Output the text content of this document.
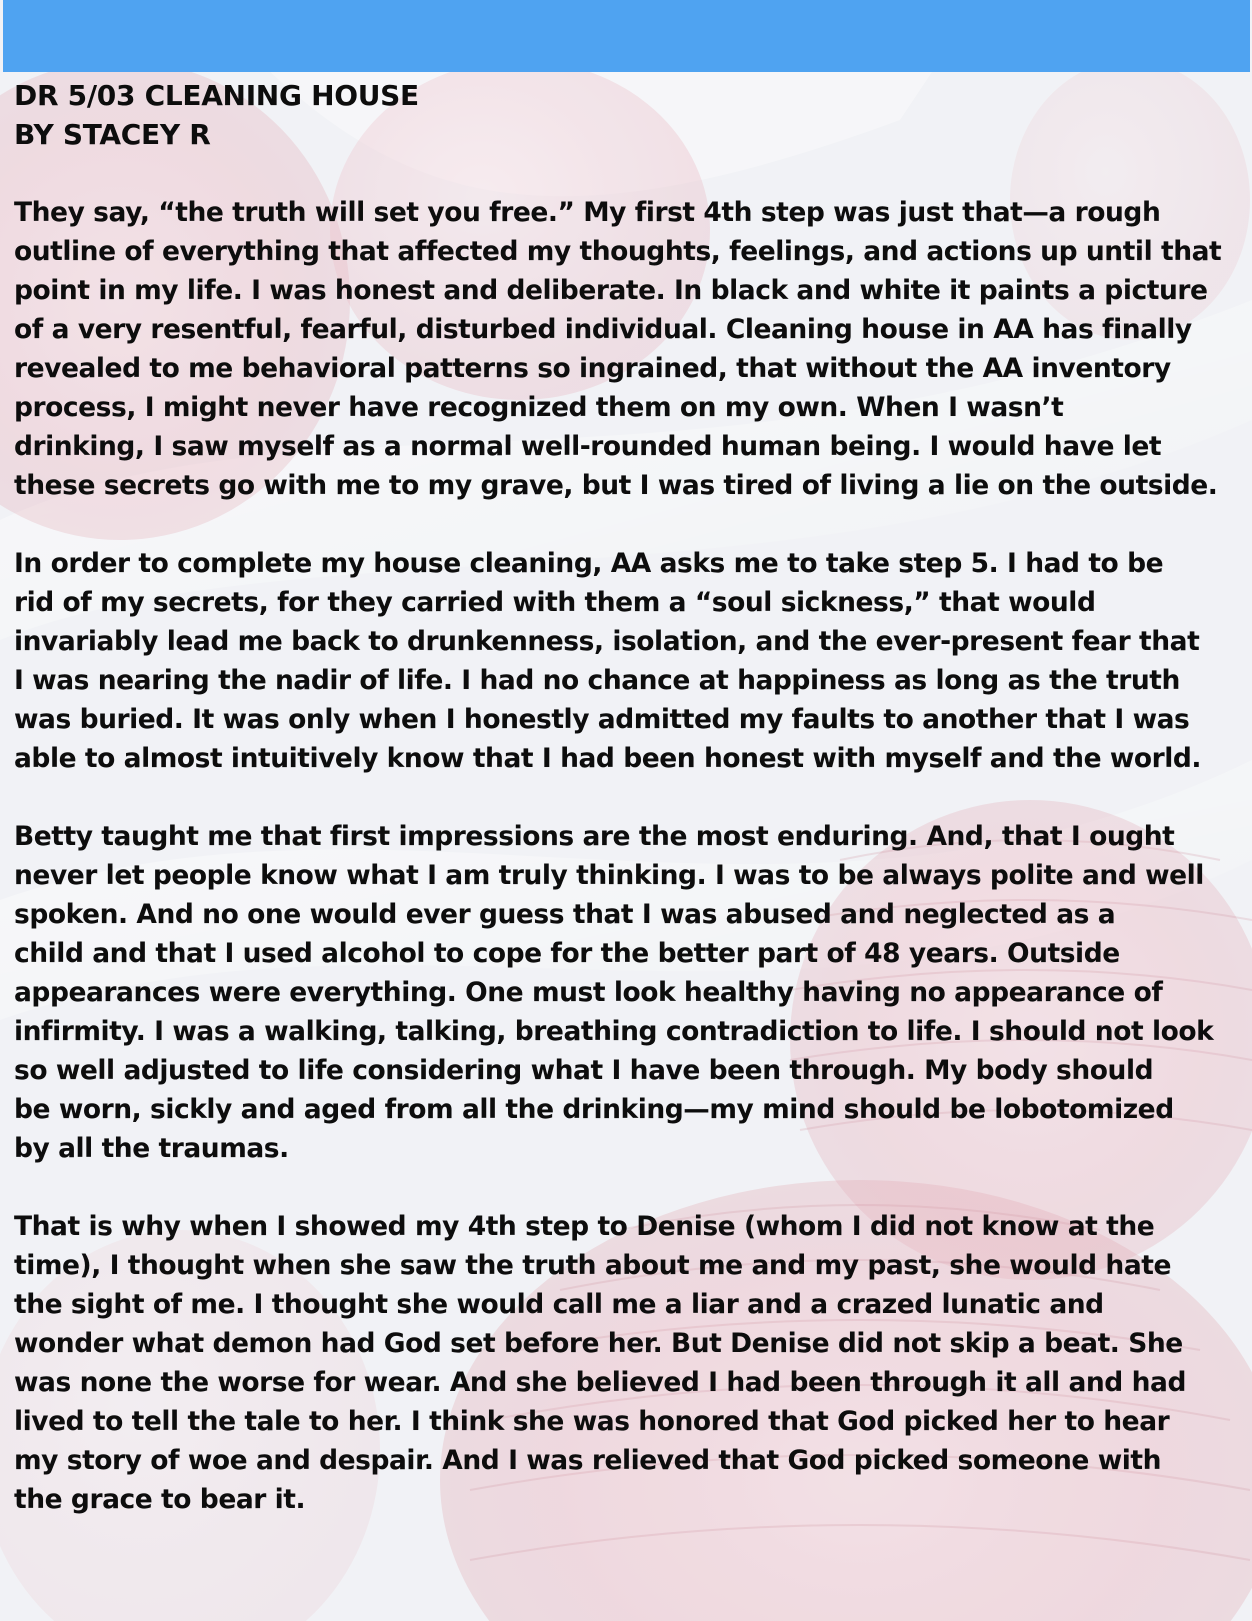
DR 5/03 CLEANING HOUSE
BY STACEY R

They say, “the truth will set you free.” My first 4th step was just that—a rough
outline of everything that affected my thoughts, feelings, and actions up until that
point in my life. I was honest and deliberate. In black and white it paints a picture
of a very resentful, fearful, disturbed individual. Cleaning house in AA has finally
revealed to me behavioral patterns so ingrained, that without the AA inventory
process, I might never have recognized them on my own. When I wasn’t
drinking, I saw myself as a normal well-rounded human being. I would have let
these secrets go with me to my grave, but I was tired of living a lie on the outside.

In order to complete my house cleaning, AA asks me to take step 5. I had to be
rid of my secrets, for they carried with them a “soul sickness,” that would
invariably lead me back to drunkenness, isolation, and the ever-present fear that
I was nearing the nadir of life. I had no chance at happiness as long as the truth
was buried. It was only when I honestly admitted my faults to another that I was
able to almost intuitively know that I had been honest with myself and the world.

Betty taught me that first impressions are the most enduring. And, that I ought
never let people know what I am truly thinking. I was to be always polite and well
spoken. And no one would ever guess that I was abused and neglected as a
child and that I used alcohol to cope for the better part of 48 years. Outside
appearances were everything. One must look healthy having no appearance of
infirmity. I was a walking, talking, breathing contradiction to life. I should not look
so well adjusted to life considering what I have been through. My body should
be worn, sickly and aged from all the drinking—my mind should be lobotomized
by all the traumas.

That is why when I showed my 4th step to Denise (whom I did not know at the
time), I thought when she saw the truth about me and my past, she would hate
the sight of me. I thought she would call me a liar and a crazed lunatic and
wonder what demon had God set before her. But Denise did not skip a beat. She
was none the worse for wear. And she believed I had been through it all and had
lived to tell the tale to her. I think she was honored that God picked her to hear
my story of woe and despair. And I was relieved that God picked someone with
the grace to bear it.
